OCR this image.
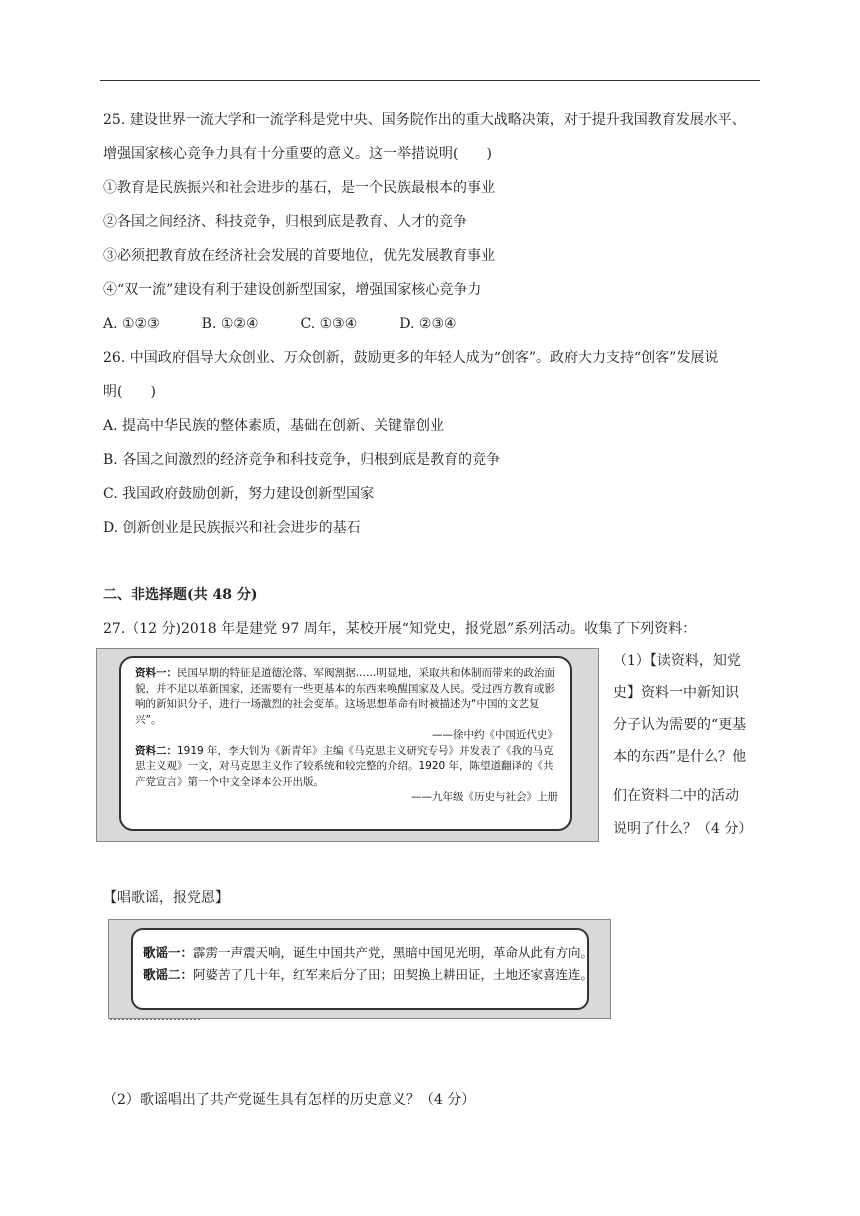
25. 建设世界一流大学和一流学科是党中央、国务院作出的重大战略决策，对于提升我国教育发展水平、
增强国家核心竞争力具有十分重要的意义。这一举措说明(　　)
①教育是民族振兴和社会进步的基石，是一个民族最根本的事业
②各国之间经济、科技竞争，归根到底是教育、人才的竞争
③必须把教育放在经济社会发展的首要地位，优先发展教育事业
④“双一流”建设有利于建设创新型国家，增强国家核心竞争力
A. ①②③　　　B. ①②④　　　C. ①③④　　　D. ②③④
26. 中国政府倡导大众创业、万众创新，鼓励更多的年轻人成为“创客”。政府大力支持“创客”发展说
明(　　)
A. 提高中华民族的整体素质，基础在创新、关键靠创业
B. 各国之间激烈的经济竞争和科技竞争，归根到底是教育的竞争
C. 我国政府鼓励创新，努力建设创新型国家
D. 创新创业是民族振兴和社会进步的基石
二、非选择题(共 48 分)
27.（12 分)2018 年是建党 97 周年，某校开展“知党史，报党恩”系列活动。收集了下列资料：

资料一：民国早期的特征是道德沦落、军阀割据……明显地，采取共和体制而带来的政治面貌，并不足以革新国家，还需要有一些更基本的东西来唤醒国家及人民。受过西方教育或影响的新知识分子，进行一场激烈的社会变革。这场思想革命有时被描述为“中国的文艺复兴”。

——徐中约《中国近代史》

资料二：1919 年，李大钊为《新青年》主编《马克思主义研究专号》并发表了《我的马克思主义观》一文，对马克思主义作了较系统和较完整的介绍。1920 年，陈望道翻译的《共产党宣言》第一个中文全译本公开出版。

——九年级《历史与社会》上册

（1）【读资料，知党
史】资料一中新知识
分子认为需要的“更基
本的东西”是什么？他
们在资料二中的活动
说明了什么？（4 分）
【唱歌谣，报党恩】
歌谣一：霹雳一声震天响，诞生中国共产党，黑暗中国见光明，革命从此有方向。
歌谣二：阿婆苦了几十年，红军来后分了田；田契换上耕田证，土地还家喜连连。
（2）歌谣唱出了共产党诞生具有怎样的历史意义？（4 分）
